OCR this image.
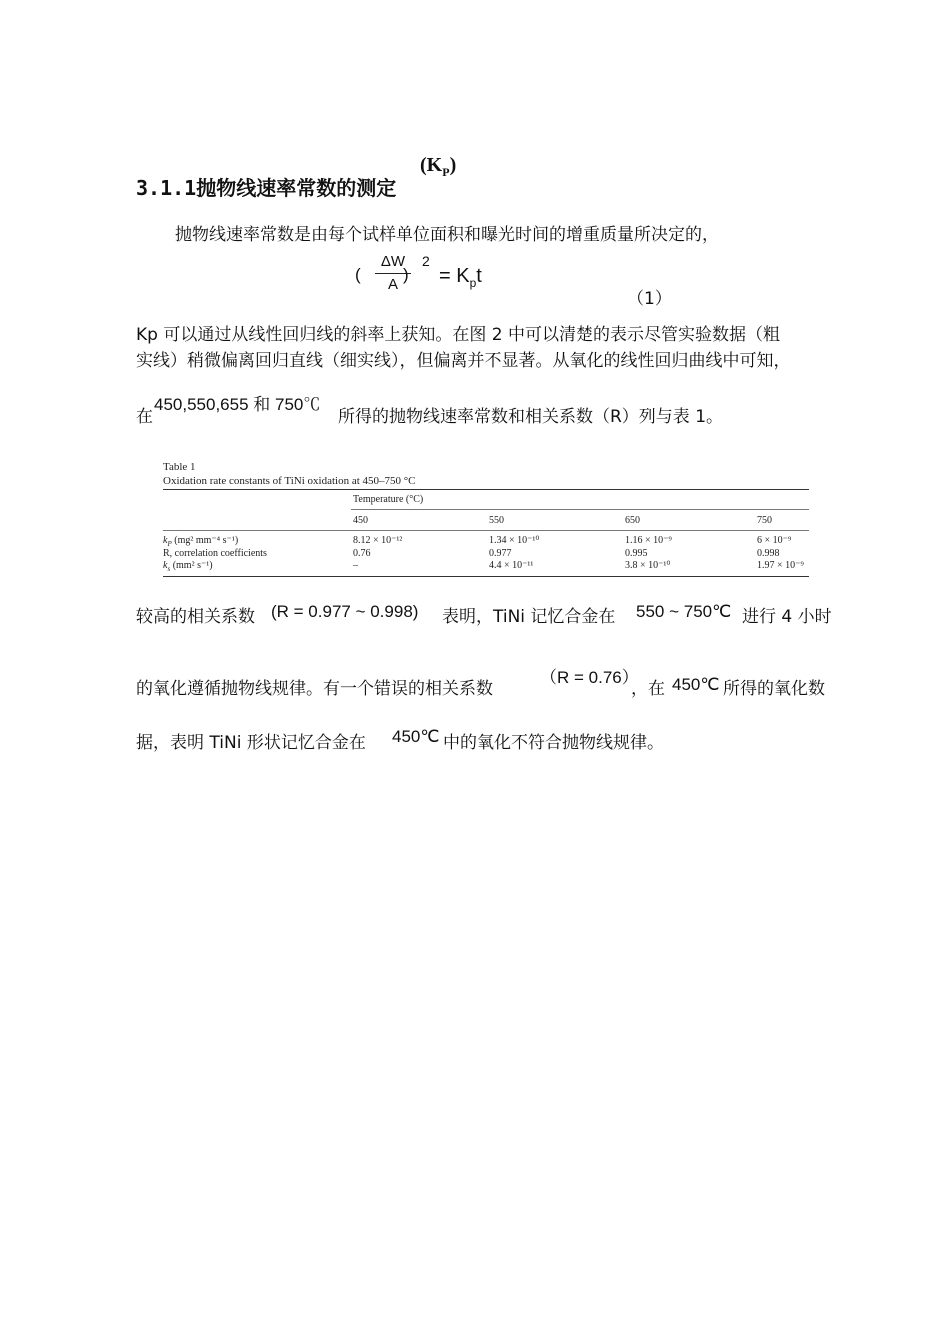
3.1.1抛物线速率常数的测定
$(K_P)$
抛物线速率常数是由每个试样单位面积和曝光时间的增重质量所决定的，
(
ΔW
A
)
2
= $K_pt$
（1）
Kp 可以通过从线性回归线的斜率上获知。在图 2 中可以清楚的表示尽管实验数据（粗
实线）稍微偏离回归直线（细实线），但偏离并不显著。从氧化的线性回归曲线中可知，
450,550,655 和 750℃
在	所得的抛物线速率常数和相关系数（R）列与表 1。
Table 1
Oxidation rate constants of TiNi oxidation at 450–750 °C
Temperature (°C)
450	550	650	750
$k_P$ (mg² mm⁻⁴ s⁻¹)	8.12 × 10⁻¹²	1.34 × 10⁻¹⁰	1.16 × 10⁻⁹	6 × 10⁻⁹
R, correlation coefficients	0.76	0.977	0.995	0.998
$k_s$ (mm² s⁻¹)	–	4.4 × 10⁻¹¹	3.8 × 10⁻¹⁰	1.97 × 10⁻⁹
较高的相关系数 (R = 0.977 ~ 0.998) 表明，TiNi 记忆合金在 550 ~ 750℃ 进行 4 小时
的氧化遵循抛物线规律。有一个错误的相关系数
（R = 0.76）
，在 450℃ 所得的氧化数
据，表明 TiNi 形状记忆合金在 450℃ 中的氧化不符合抛物线规律。
